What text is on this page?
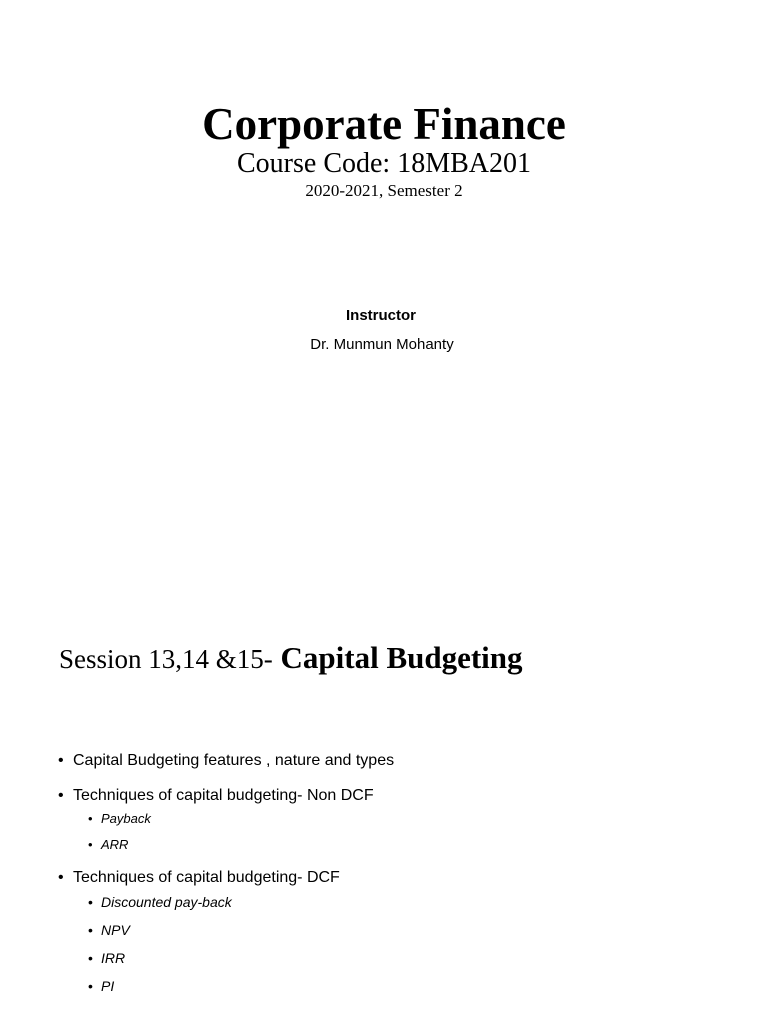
Corporate Finance
Course Code: 18MBA201
2020-2021, Semester 2
Instructor
Dr. Munmun Mohanty
Session 13,14 &15- Capital Budgeting
• Capital Budgeting features , nature and types
• Techniques of capital budgeting- Non DCF
• Payback
• ARR
• Techniques of capital budgeting- DCF
• Discounted pay-back
• NPV
• IRR
• PI
